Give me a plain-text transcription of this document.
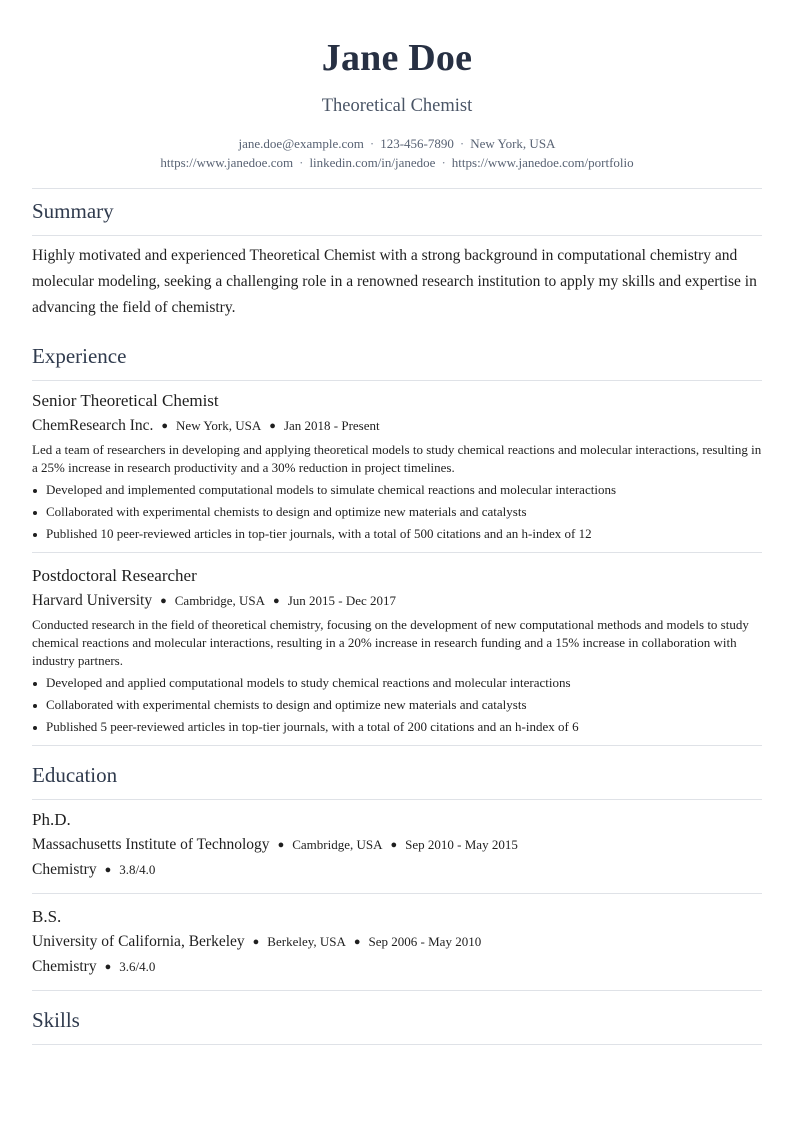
Jane Doe
Theoretical Chemist
jane.doe@example.com · 123-456-7890 · New York, USA
https://www.janedoe.com · linkedin.com/in/janedoe · https://www.janedoe.com/portfolio
Summary
Highly motivated and experienced Theoretical Chemist with a strong background in computational chemistry and molecular modeling, seeking a challenging role in a renowned research institution to apply my skills and expertise in advancing the field of chemistry.
Experience
Senior Theoretical Chemist
ChemResearch Inc. ● New York, USA ● Jan 2018 - Present
Led a team of researchers in developing and applying theoretical models to study chemical reactions and molecular interactions, resulting in a 25% increase in research productivity and a 30% reduction in project timelines.
Developed and implemented computational models to simulate chemical reactions and molecular interactions
Collaborated with experimental chemists to design and optimize new materials and catalysts
Published 10 peer-reviewed articles in top-tier journals, with a total of 500 citations and an h-index of 12
Postdoctoral Researcher
Harvard University ● Cambridge, USA ● Jun 2015 - Dec 2017
Conducted research in the field of theoretical chemistry, focusing on the development of new computational methods and models to study chemical reactions and molecular interactions, resulting in a 20% increase in research funding and a 15% increase in collaboration with industry partners.
Developed and applied computational models to study chemical reactions and molecular interactions
Collaborated with experimental chemists to design and optimize new materials and catalysts
Published 5 peer-reviewed articles in top-tier journals, with a total of 200 citations and an h-index of 6
Education
Ph.D.
Massachusetts Institute of Technology ● Cambridge, USA ● Sep 2010 - May 2015
Chemistry ● 3.8/4.0
B.S.
University of California, Berkeley ● Berkeley, USA ● Sep 2006 - May 2010
Chemistry ● 3.6/4.0
Skills
